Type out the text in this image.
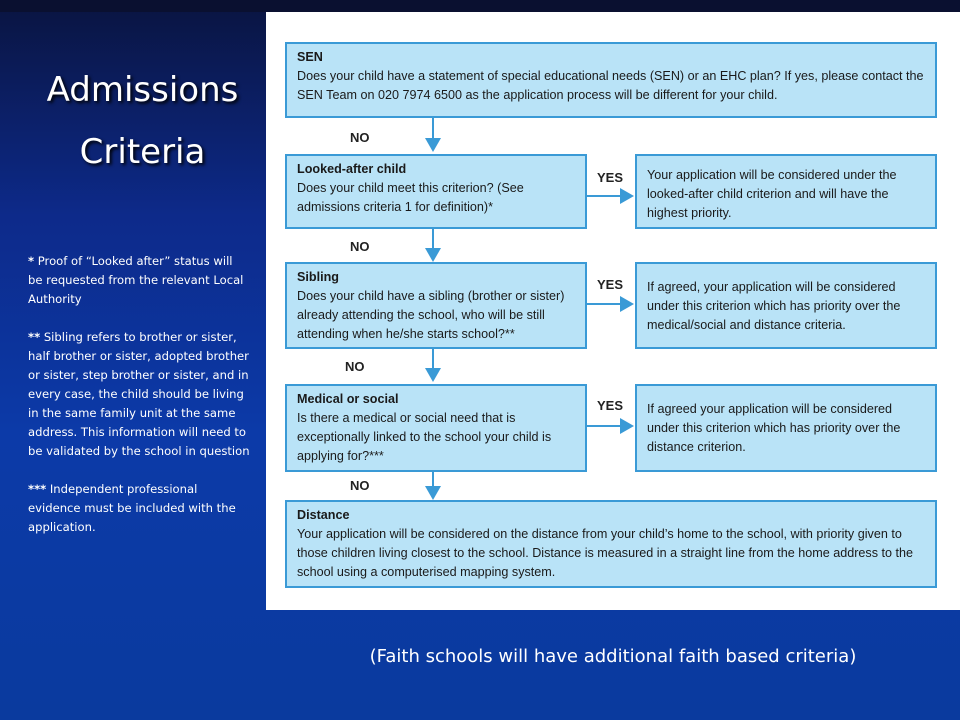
Admissions
Criteria

* Proof of “Looked after” status will be requested from the relevant Local Authority

** Sibling refers to brother or sister, half brother or sister, adopted brother or sister, step brother or sister, and in every case, the child should be living in the same family unit at the same address. This information will need to be validated by the school in question

*** Independent professional evidence must be included with the application.

SEN
Does your child have a statement of special educational needs (SEN) or an EHC plan? If yes, please contact the SEN Team on 020 7974 6500 as the application process will be different for your child.
NO
Looked-after child
Does your child meet this criterion? (See admissions criteria 1 for definition)*
YES Your application will be considered under the looked-after child criterion and will have the highest priority.
NO
Sibling
Does your child have a sibling (brother or sister) already attending the school, who will be still attending when he/she starts school?**
YES If agreed, your application will be considered under this criterion which has priority over the medical/social and distance criteria.
NO
Medical or social
Is there a medical or social need that is exceptionally linked to the school your child is applying for?***
YES If agreed your application will be considered under this criterion which has priority over the distance criterion.
NO
Distance
Your application will be considered on the distance from your child’s home to the school, with priority given to those children living closest to the school. Distance is measured in a straight line from the home address to the school using a computerised mapping system.
(Faith schools will have additional faith based criteria)
